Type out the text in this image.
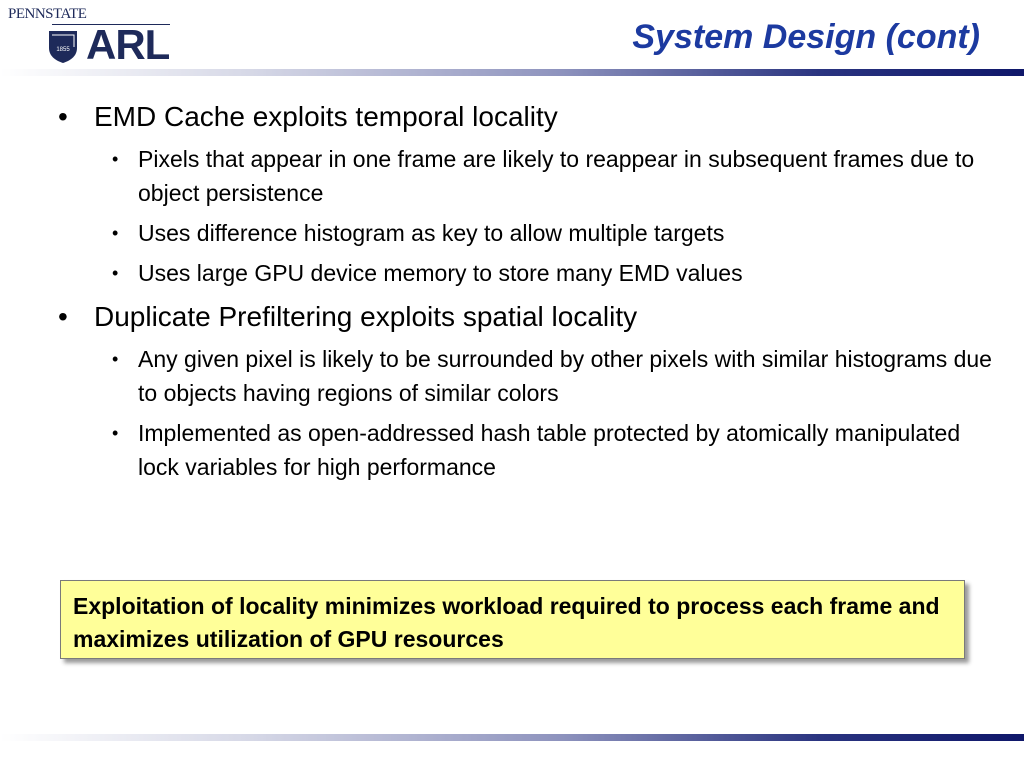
PENNSTATE
1855 ARL	System Design (cont)
• EMD Cache exploits temporal locality
• Pixels that appear in one frame are likely to reappear in subsequent frames due to object persistence
• Uses difference histogram as key to allow multiple targets
• Uses large GPU device memory to store many EMD values
• Duplicate Prefiltering exploits spatial locality
• Any given pixel is likely to be surrounded by other pixels with similar histograms due to objects having regions of similar colors
• Implemented as open-addressed hash table protected by atomically manipulated lock variables for high performance
Exploitation of locality minimizes workload required to process each frame and maximizes utilization of GPU resources
